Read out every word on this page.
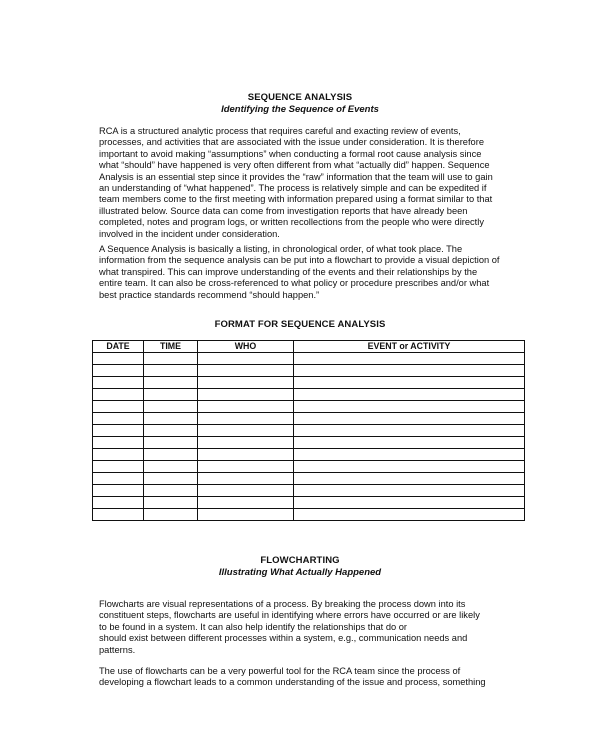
SEQUENCE ANALYSIS
Identifying the Sequence of Events
RCA is a structured analytic process that requires careful and exacting review of events,
processes, and activities that are associated with the issue under consideration. It is therefore
important to avoid making “assumptions” when conducting a formal root cause analysis since
what “should” have happened is very often different from what “actually did” happen. Sequence
Analysis is an essential step since it provides the “raw” information that the team will use to gain
an understanding of “what happened”. The process is relatively simple and can be expedited if
team members come to the first meeting with information prepared using a format similar to that
illustrated below. Source data can come from investigation reports that have already been
completed, notes and program logs, or written recollections from the people who were directly
involved in the incident under consideration.
A Sequence Analysis is basically a listing, in chronological order, of what took place. The
information from the sequence analysis can be put into a flowchart to provide a visual depiction of
what transpired. This can improve understanding of the events and their relationships by the
entire team. It can also be cross-referenced to what policy or procedure prescribes and/or what
best practice standards recommend “should happen.”
FORMAT FOR SEQUENCE ANALYSIS
DATE	TIME	WHO	EVENT or ACTIVITY

FLOWCHARTING
Illustrating What Actually Happened
Flowcharts are visual representations of a process. By breaking the process down into its
constituent steps, flowcharts are useful in identifying where errors have occurred or are likely
to be found in a system. It can also help identify the relationships that do or
should exist between different processes within a system, e.g., communication needs and
patterns.
The use of flowcharts can be a very powerful tool for the RCA team since the process of
developing a flowchart leads to a common understanding of the issue and process, something
